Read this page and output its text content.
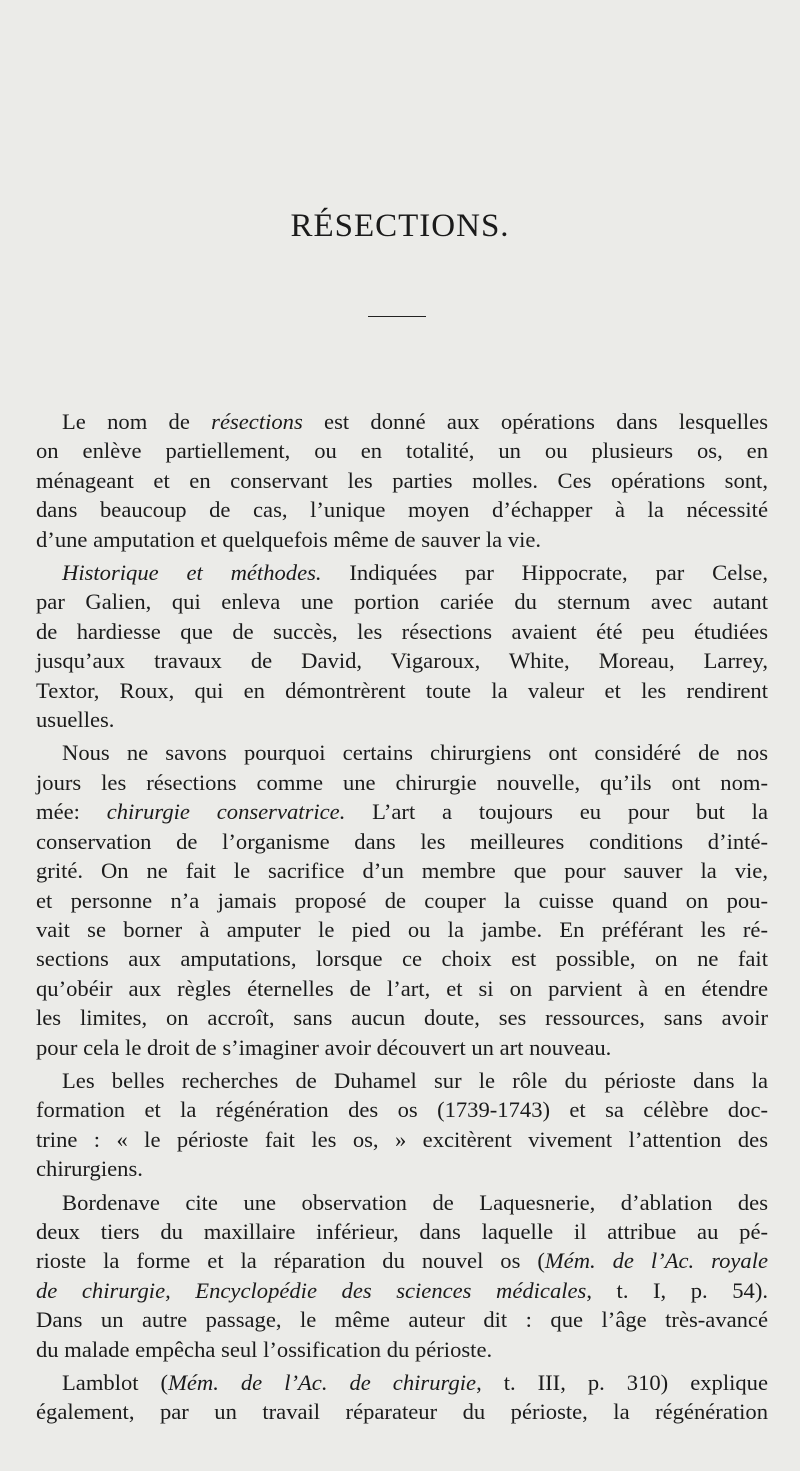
RÉSECTIONS.

Le nom de résections est donné aux opérations dans lesquelles
on enlève partiellement, ou en totalité, un ou plusieurs os, en
ménageant et en conservant les parties molles. Ces opérations sont,
dans beaucoup de cas, l’unique moyen d’échapper à la nécessité
d’une amputation et quelquefois même de sauver la vie.

Historique et méthodes. Indiquées par Hippocrate, par Celse,
par Galien, qui enleva une portion cariée du sternum avec autant
de hardiesse que de succès, les résections avaient été peu étudiées
jusqu’aux travaux de David, Vigaroux, White, Moreau, Larrey,
Textor, Roux, qui en démontrèrent toute la valeur et les rendirent
usuelles.

Nous ne savons pourquoi certains chirurgiens ont considéré de nos
jours les résections comme une chirurgie nouvelle, qu’ils ont nom-
mée: chirurgie conservatrice. L’art a toujours eu pour but la
conservation de l’organisme dans les meilleures conditions d’inté-
grité. On ne fait le sacrifice d’un membre que pour sauver la vie,
et personne n’a jamais proposé de couper la cuisse quand on pou-
vait se borner à amputer le pied ou la jambe. En préférant les ré-
sections aux amputations, lorsque ce choix est possible, on ne fait
qu’obéir aux règles éternelles de l’art, et si on parvient à en étendre
les limites, on accroît, sans aucun doute, ses ressources, sans avoir
pour cela le droit de s’imaginer avoir découvert un art nouveau.

Les belles recherches de Duhamel sur le rôle du périoste dans la
formation et la régénération des os (1739-1743) et sa célèbre doc-
trine : « le périoste fait les os, » excitèrent vivement l’attention des
chirurgiens.

Bordenave cite une observation de Laquesnerie, d’ablation des
deux tiers du maxillaire inférieur, dans laquelle il attribue au pé-
rioste la forme et la réparation du nouvel os (Mém. de l’Ac. royale
de chirurgie, Encyclopédie des sciences médicales, t. I, p. 54).
Dans un autre passage, le même auteur dit : que l’âge très-avancé
du malade empêcha seul l’ossification du périoste.

Lamblot (Mém. de l’Ac. de chirurgie, t. III, p. 310) explique
également, par un travail réparateur du périoste, la régénération
